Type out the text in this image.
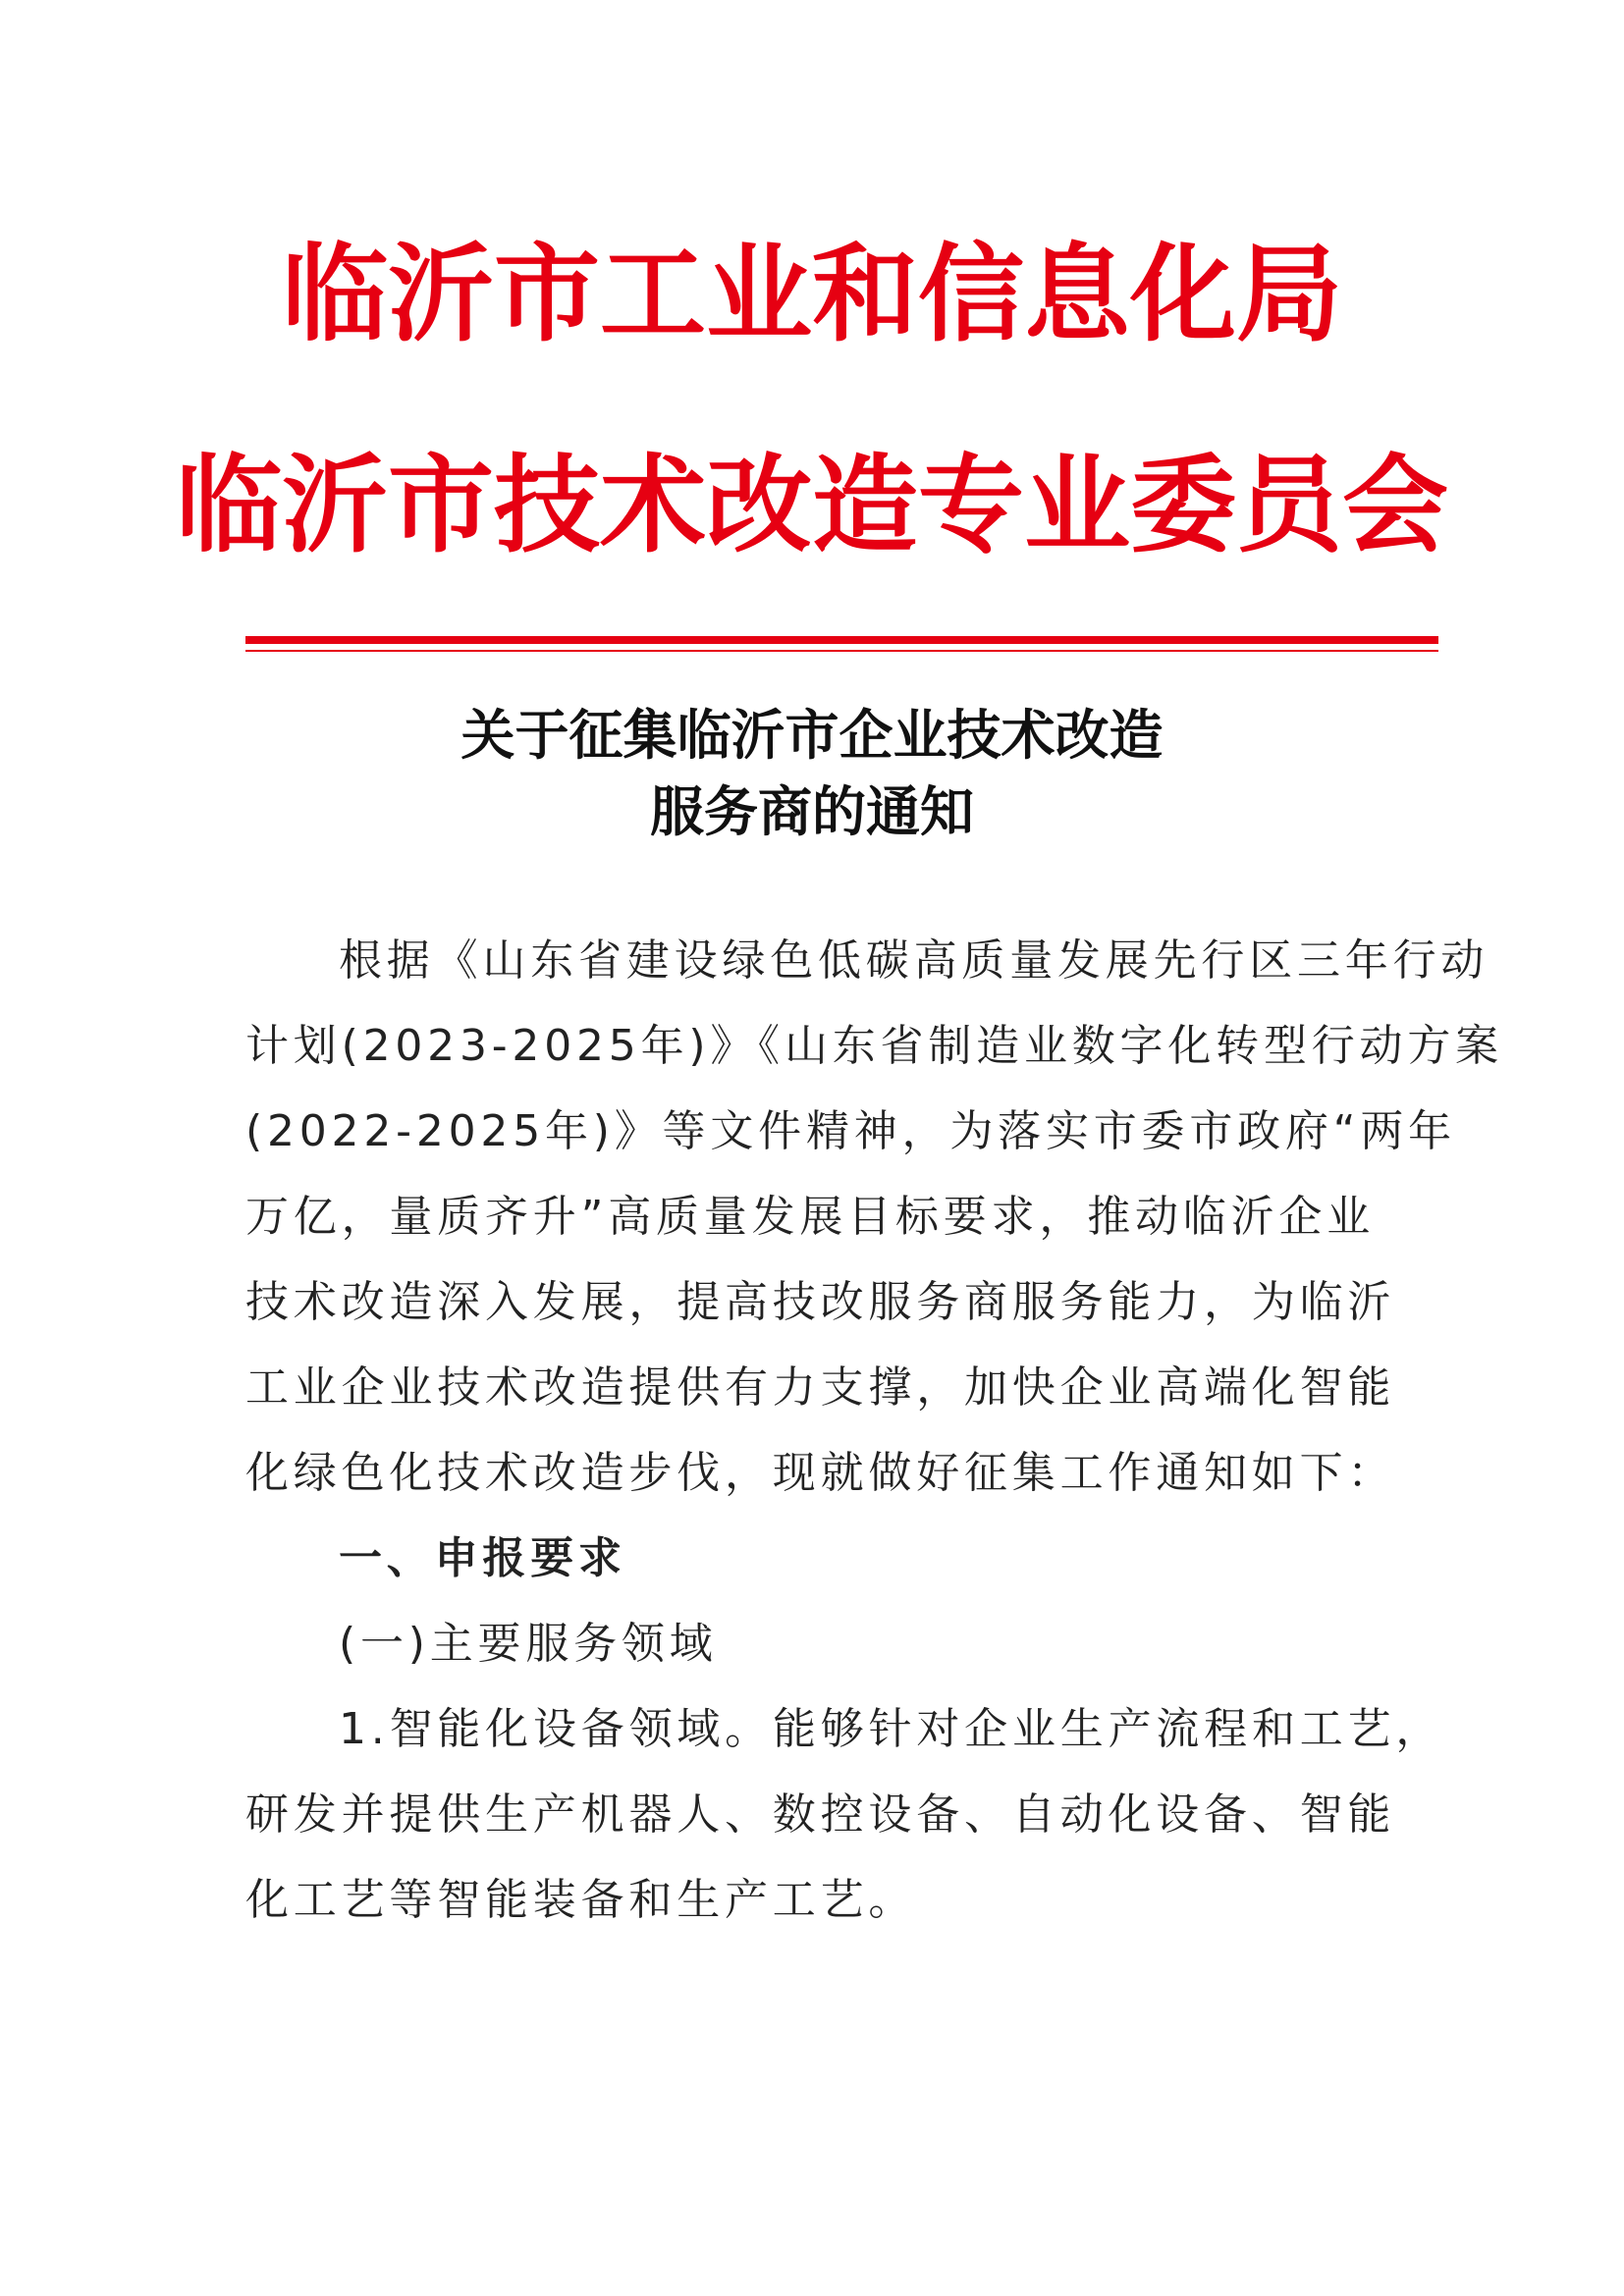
临沂市工业和信息化局
临沂市技术改造专业委员会
关于征集临沂市企业技术改造
服务商的通知
根据《山东省建设绿色低碳高质量发展先行区三年行动
计划(2023-2025年)》《山东省制造业数字化转型行动方案
(2022-2025年)》等文件精神，为落实市委市政府“两年
万亿，量质齐升”高质量发展目标要求，推动临沂企业
技术改造深入发展，提高技改服务商服务能力，为临沂
工业企业技术改造提供有力支撑，加快企业高端化智能
化绿色化技术改造步伐，现就做好征集工作通知如下：
一、申报要求
(一)主要服务领域
1.智能化设备领域。能够针对企业生产流程和工艺，
研发并提供生产机器人、数控设备、自动化设备、智能
化工艺等智能装备和生产工艺。
